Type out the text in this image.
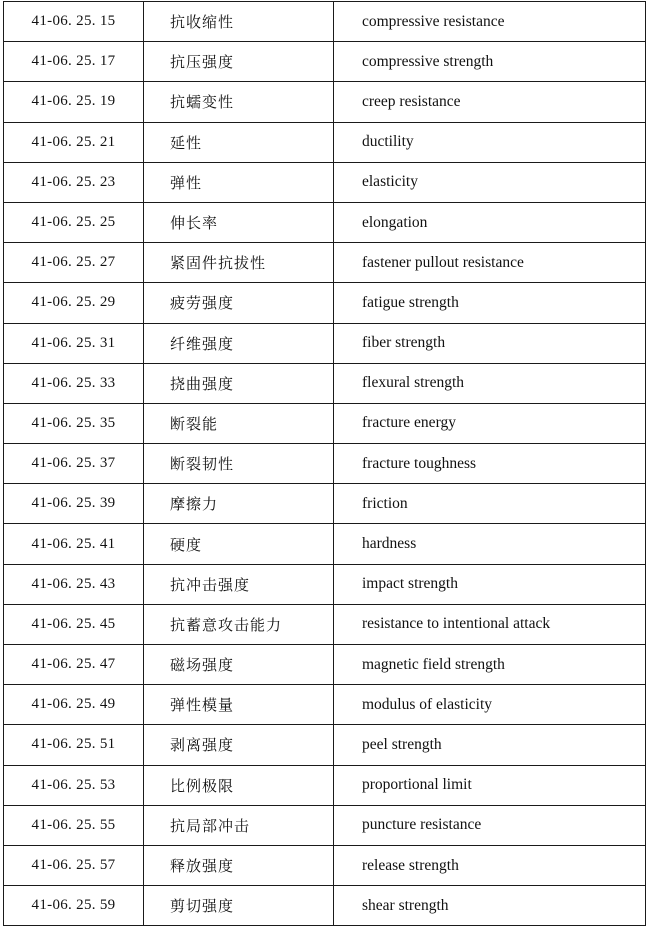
41-06. 25. 15	抗收缩性	compressive resistance
41-06. 25. 17	抗压强度	compressive strength
41-06. 25. 19	抗蠕变性	creep resistance
41-06. 25. 21	延性	ductility
41-06. 25. 23	弹性	elasticity
41-06. 25. 25	伸长率	elongation
41-06. 25. 27	紧固件抗拔性	fastener pullout resistance
41-06. 25. 29	疲劳强度	fatigue strength
41-06. 25. 31	纤维强度	fiber strength
41-06. 25. 33	挠曲强度	flexural strength
41-06. 25. 35	断裂能	fracture energy
41-06. 25. 37	断裂韧性	fracture toughness
41-06. 25. 39	摩擦力	friction
41-06. 25. 41	硬度	hardness
41-06. 25. 43	抗冲击强度	impact strength
41-06. 25. 45	抗蓄意攻击能力	resistance to intentional attack
41-06. 25. 47	磁场强度	magnetic field strength
41-06. 25. 49	弹性模量	modulus of elasticity
41-06. 25. 51	剥离强度	peel strength
41-06. 25. 53	比例极限	proportional limit
41-06. 25. 55	抗局部冲击	puncture resistance
41-06. 25. 57	释放强度	release strength
41-06. 25. 59	剪切强度	shear strength
